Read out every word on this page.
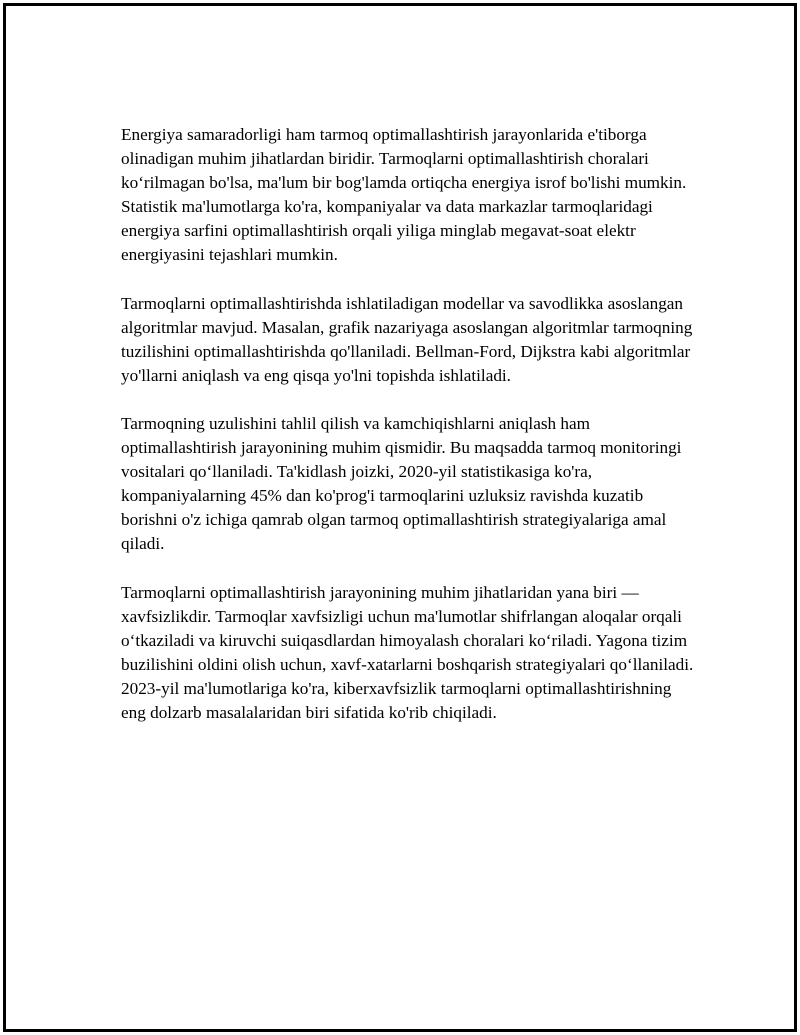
Energiya samaradorligi ham tarmoq optimallashtirish jarayonlarida e'tiborga olinadigan muhim jihatlardan biridir. Tarmoqlarni optimallashtirish choralari ko‘rilmagan bo'lsa, ma'lum bir bog'lamda ortiqcha energiya isrof bo'lishi mumkin. Statistik ma'lumotlarga ko'ra, kompaniyalar va data markazlar tarmoqlaridagi energiya sarfini optimallashtirish orqali yiliga minglab megavat-soat elektr energiyasini tejashlari mumkin.

Tarmoqlarni optimallashtirishda ishlatiladigan modellar va savodlikka asoslangan algoritmlar mavjud. Masalan, grafik nazariyaga asoslangan algoritmlar tarmoqning tuzilishini optimallashtirishda qo'llaniladi. Bellman-Ford, Dijkstra kabi algoritmlar yo'llarni aniqlash va eng qisqa yo'lni topishda ishlatiladi.

Tarmoqning uzulishini tahlil qilish va kamchiqishlarni aniqlash ham optimallashtirish jarayonining muhim qismidir. Bu maqsadda tarmoq monitoringi vositalari qo‘llaniladi. Ta'kidlash joizki, 2020-yil statistikasiga ko'ra, kompaniyalarning 45% dan ko'prog'i tarmoqlarini uzluksiz ravishda kuzatib borishni o'z ichiga qamrab olgan tarmoq optimallashtirish strategiyalariga amal qiladi.

Tarmoqlarni optimallashtirish jarayonining muhim jihatlaridan yana biri — xavfsizlikdir. Tarmoqlar xavfsizligi uchun ma'lumotlar shifrlangan aloqalar orqali o‘tkaziladi va kiruvchi suiqasdlardan himoyalash choralari ko‘riladi. Yagona tizim buzilishini oldini olish uchun, xavf-xatarlarni boshqarish strategiyalari qo‘llaniladi. 2023-yil ma'lumotlariga ko'ra, kiberxavfsizlik tarmoqlarni optimallashtirishning eng dolzarb masalalaridan biri sifatida ko'rib chiqiladi.
